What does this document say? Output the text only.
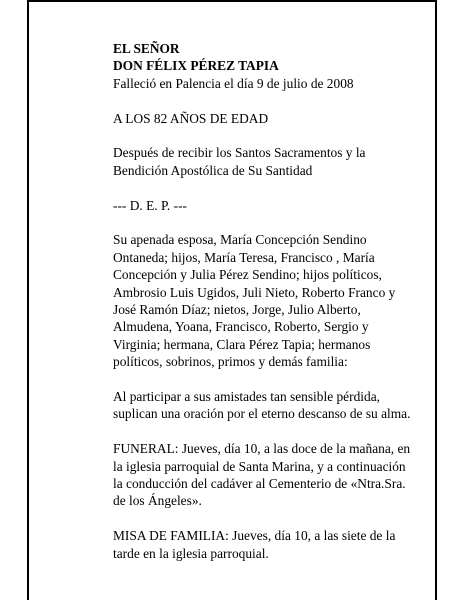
EL SEÑOR
DON FÉLIX PÉREZ TAPIA
Falleció en Palencia el día 9 de julio de 2008
A LOS 82 AÑOS DE EDAD
Después de recibir los Santos Sacramentos y la
Bendición Apostólica de Su Santidad
--- D. E. P. ---
Su apenada esposa, María Concepción Sendino
Ontaneda; hijos, María Teresa, Francisco , María
Concepción y Julia Pérez Sendino; hijos políticos,
Ambrosio Luis Ugidos, Juli Nieto, Roberto Franco y
José Ramón Díaz; nietos, Jorge, Julio Alberto,
Almudena, Yoana, Francisco, Roberto, Sergio y
Virginia; hermana, Clara Pérez Tapia; hermanos
políticos, sobrinos, primos y demás familia:
Al participar a sus amistades tan sensible pérdida,
suplican una oración por el eterno descanso de su alma.
FUNERAL: Jueves, día 10, a las doce de la mañana, en
la iglesia parroquial de Santa Marina, y a continuación
la conducción del cadáver al Cementerio de «Ntra.Sra.
de los Ángeles».
MISA DE FAMILIA: Jueves, día 10, a las siete de la
tarde en la iglesia parroquial.
